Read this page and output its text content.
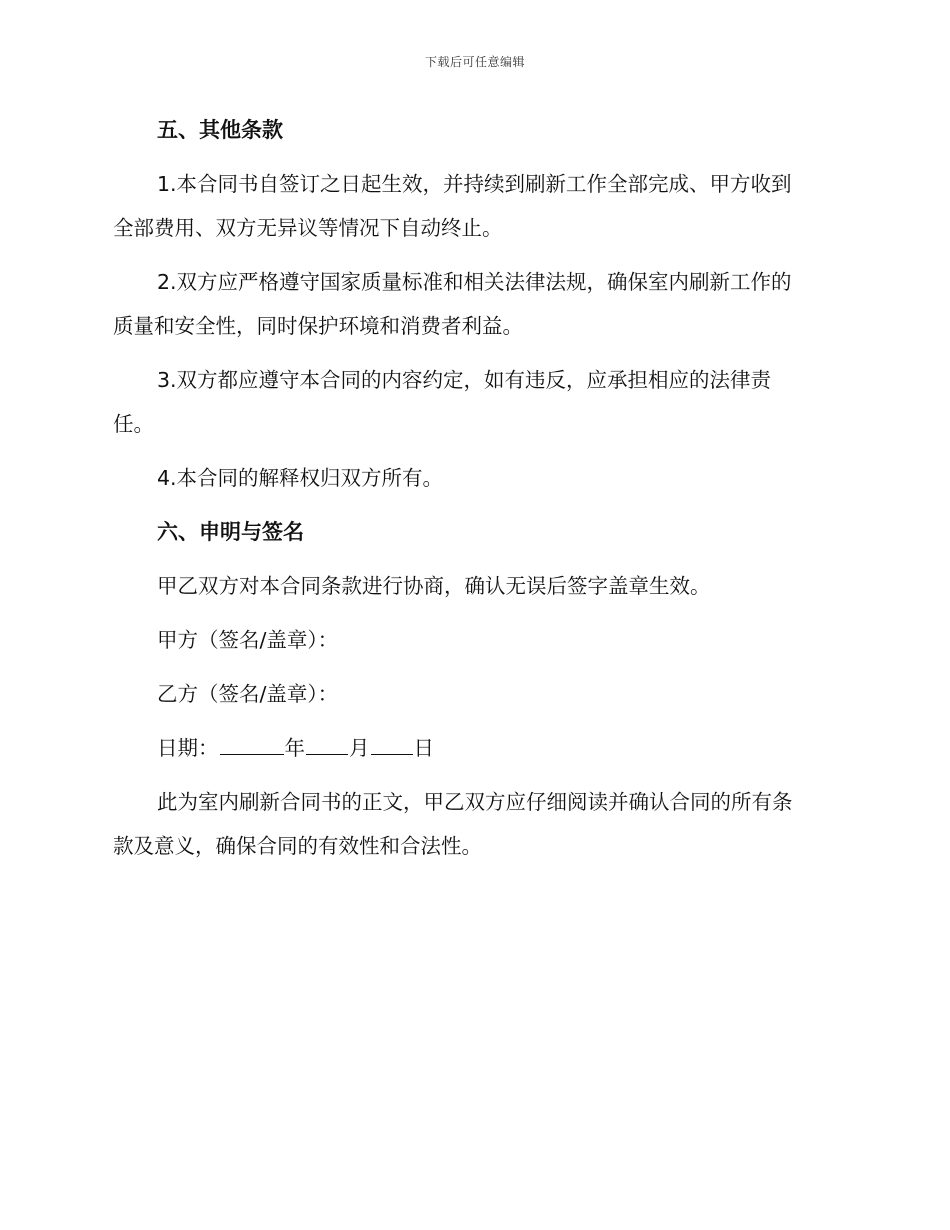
下载后可任意编辑
五、其他条款
1.本合同书自签订之日起生效，并持续到刷新工作全部完成、甲方收到
全部费用、双方无异议等情况下自动终止。
2.双方应严格遵守国家质量标准和相关法律法规，确保室内刷新工作的
质量和安全性，同时保护环境和消费者利益。
3.双方都应遵守本合同的内容约定，如有违反，应承担相应的法律责
任。
4.本合同的解释权归双方所有。
六、申明与签名
甲乙双方对本合同条款进行协商，确认无误后签字盖章生效。
甲方（签名/盖章）：
乙方（签名/盖章）：
日期：	年 月 日
此为室内刷新合同书的正文，甲乙双方应仔细阅读并确认合同的所有条
款及意义，确保合同的有效性和合法性。
